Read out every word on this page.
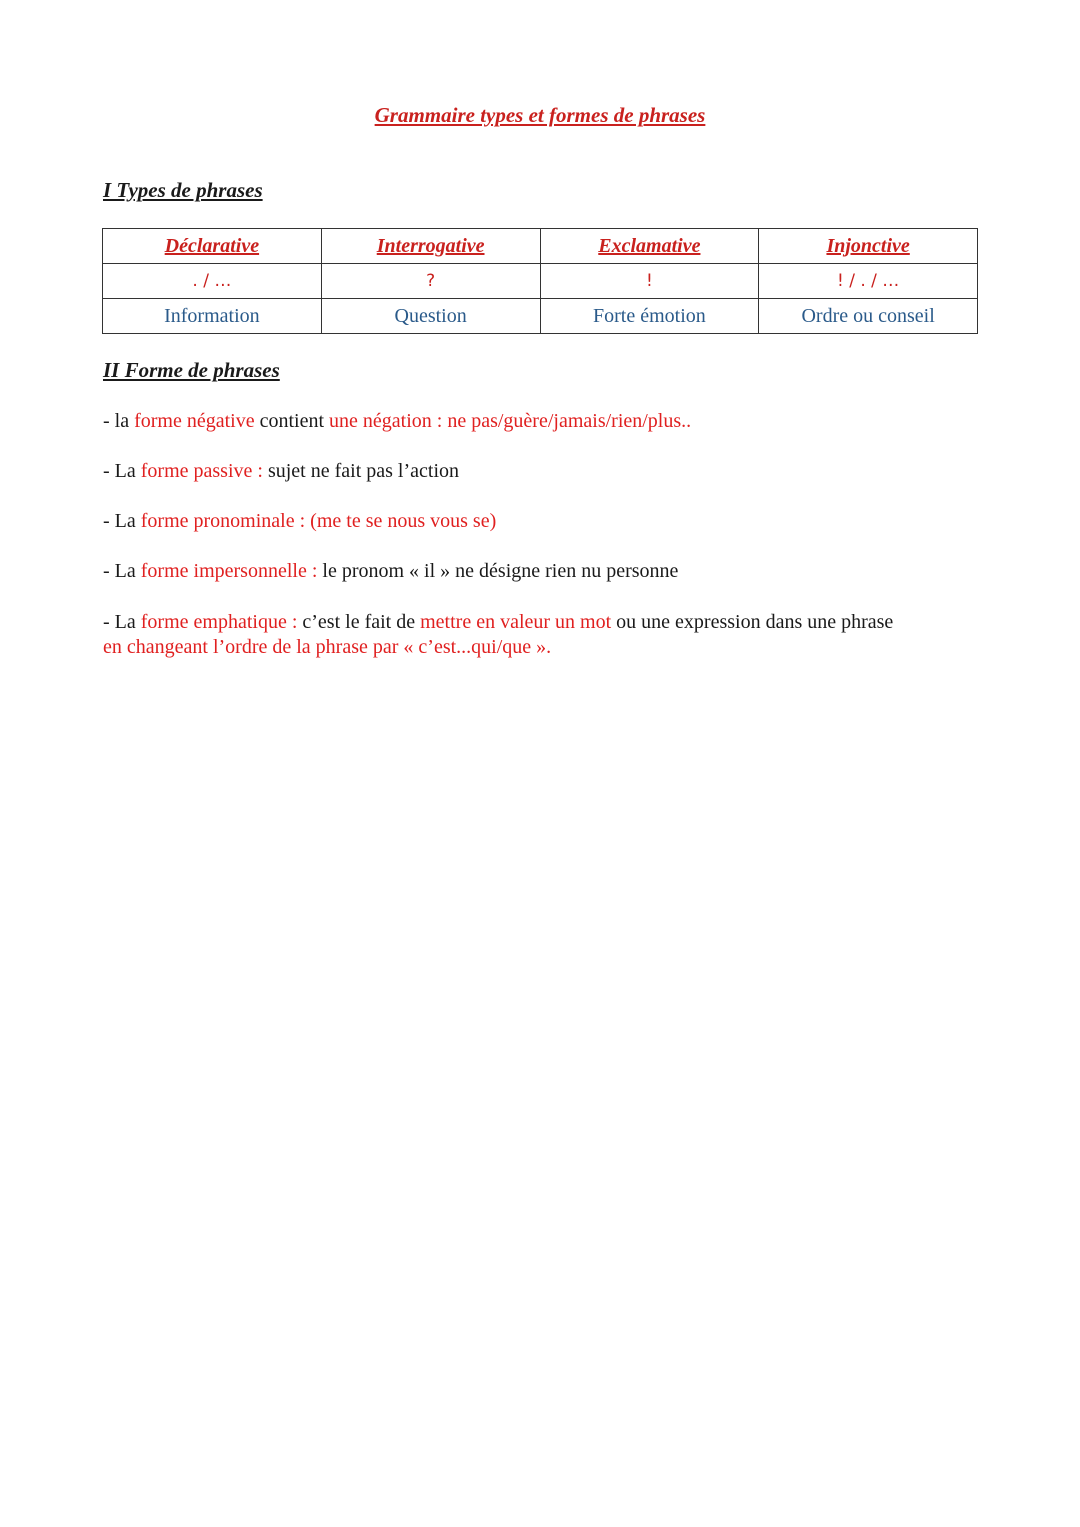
Grammaire types et formes de phrases
I Types de phrases
Déclarative	Interrogative	Exclamative	Injonctive
. / …	?	!	! / . / …
Information	Question	Forte émotion	Ordre ou conseil
II Forme de phrases

- la forme négative contient une négation : ne pas/guère/jamais/rien/plus..

- La forme passive : sujet ne fait pas l’action

- La forme pronominale : (me te se nous vous se)

- La forme impersonnelle : le pronom « il » ne désigne rien nu personne

- La forme emphatique : c’est le fait de mettre en valeur un mot ou une expression dans une phrase
en changeant l’ordre de la phrase par « c’est...qui/que ».
